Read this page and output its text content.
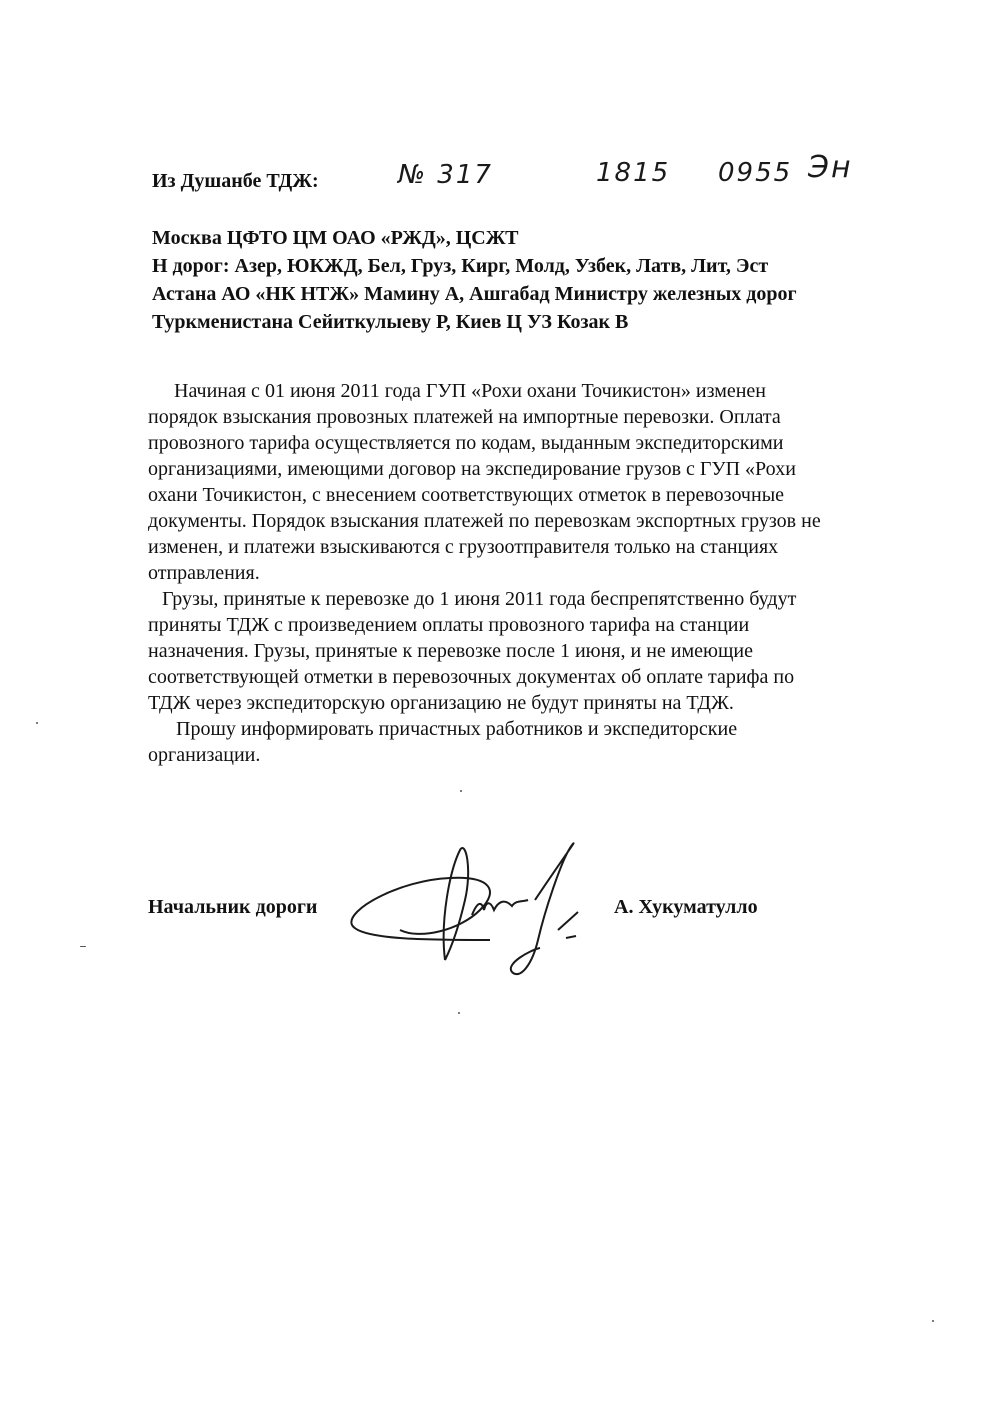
Из Душанбе ТДЖ:	№ 317	1815 0955 Эн
Москва ЦФТО ЦМ ОАО «РЖД», ЦСЖТ
Н дорог: Азер, ЮКЖД, Бел, Груз, Кирг, Молд, Узбек, Латв, Лит, Эст
Астана АО «НК НТЖ» Мамину А, Ашгабад Министру железных дорог
Туркменистана Сейиткулыеву Р, Киев Ц УЗ Козак В

Начиная с 01 июня 2011 года ГУП «Рохи охани Точикистон» изменен

порядок взыскания провозных платежей на импортные перевозки. Оплата

провозного тарифа осуществляется по кодам, выданным экспедиторскими

организациями, имеющими договор на экспедирование грузов с ГУП «Рохи

охани Точикистон, с внесением соответствующих отметок в перевозочные

документы. Порядок взыскания платежей по перевозкам экспортных грузов не

изменен, и платежи взыскиваются с грузоотправителя только на станциях

отправления.

Грузы, принятые к перевозке до 1 июня 2011 года беспрепятственно будут

приняты ТДЖ с произведением оплаты провозного тарифа на станции

назначения. Грузы, принятые к перевозке после 1 июня, и не имеющие

соответствующей отметки в перевозочных документах об оплате тарифа по

ТДЖ через экспедиторскую организацию не будут приняты на ТДЖ.

Прошу информировать причастных работников и экспедиторские

организации.

Начальник дороги	А. Хукуматулло
